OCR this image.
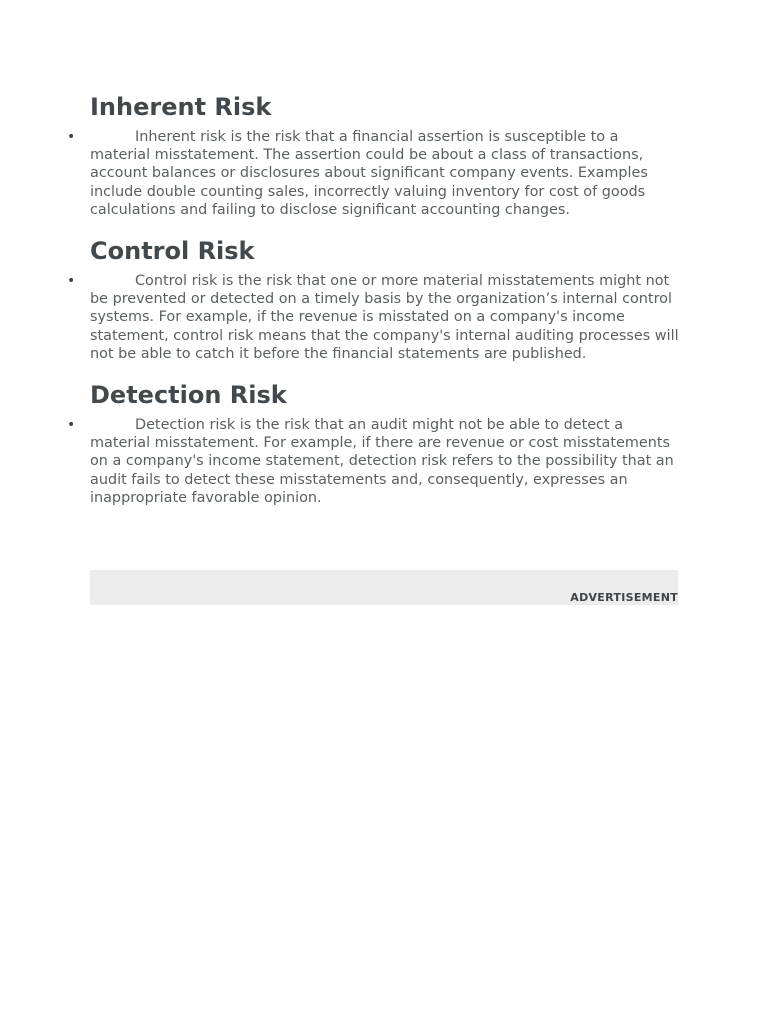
Inherent Risk
•	Inherent risk is the risk that a financial assertion is susceptible to a material misstatement. The assertion could be about a class of transactions, account balances or disclosures about significant company events. Examples include double counting sales, incorrectly valuing inventory for cost of goods calculations and failing to disclose significant accounting changes.
Control Risk
•	Control risk is the risk that one or more material misstatements might not be prevented or detected on a timely basis by the organization’s internal control systems. For example, if the revenue is misstated on a company's income statement, control risk means that the company's internal auditing processes will not be able to catch it before the financial statements are published.
Detection Risk
•	Detection risk is the risk that an audit might not be able to detect a material misstatement. For example, if there are revenue or cost misstatements on a company's income statement, detection risk refers to the possibility that an audit fails to detect these misstatements and, consequently, expresses an inappropriate favorable opinion.
ADVERTISEMENT
